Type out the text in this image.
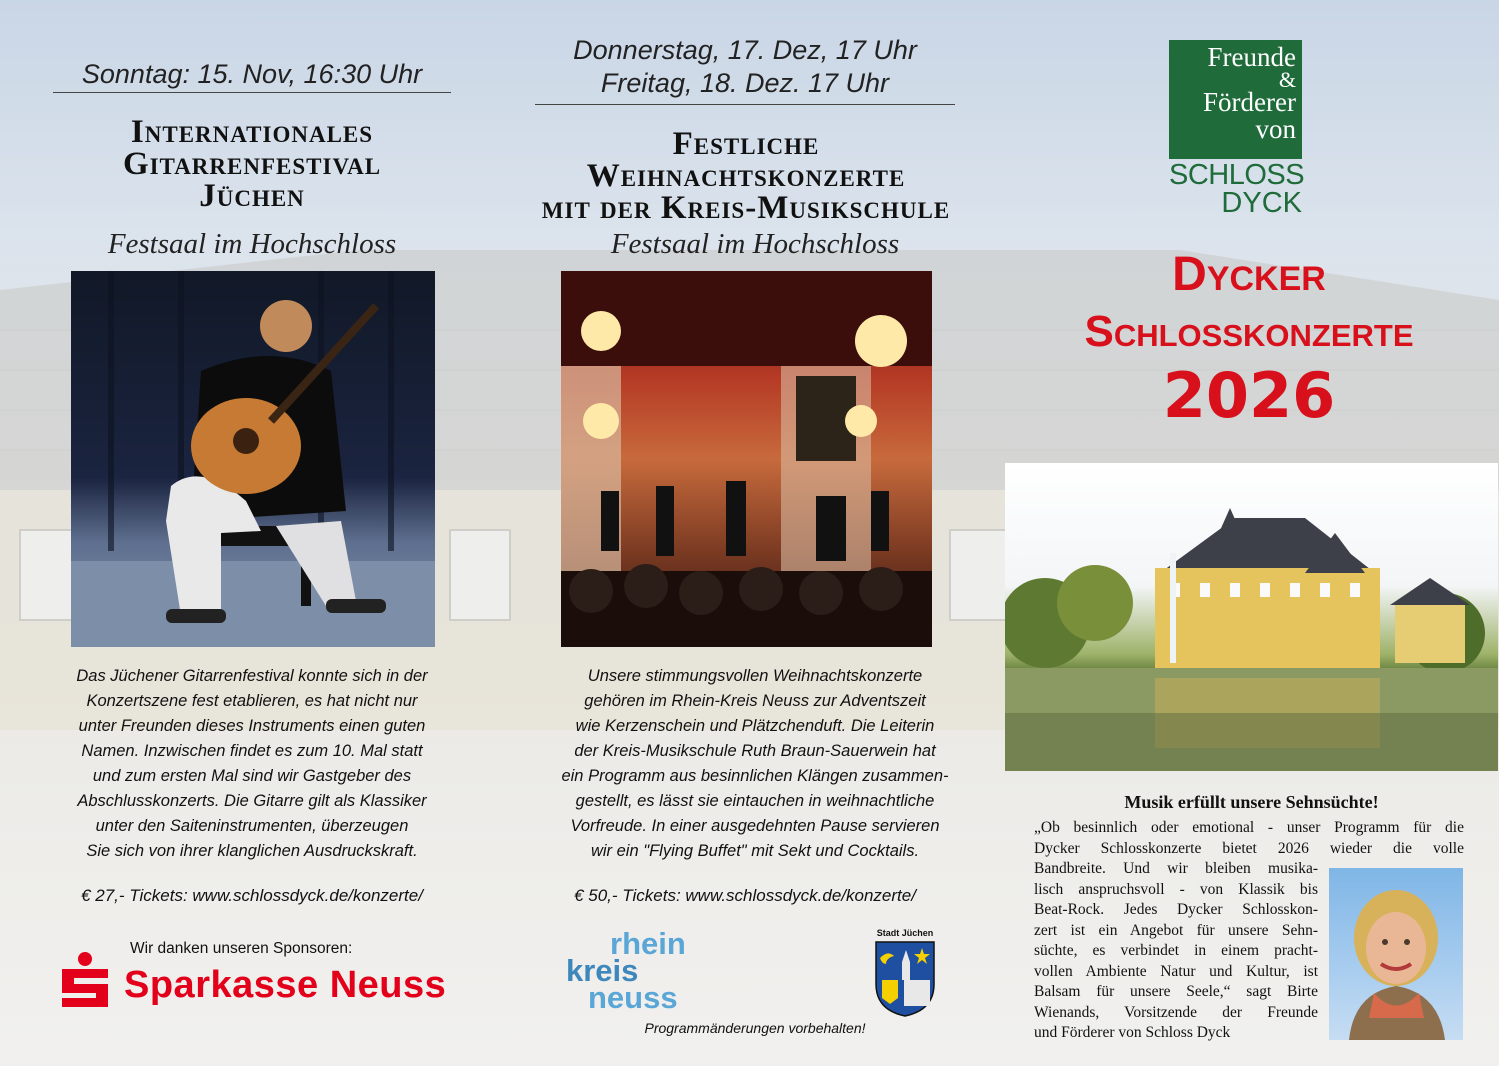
Sonntag: 15. Nov, 16:30 Uhr
Internationales
Gitarrenfestival
Jüchen
Festsaal im Hochschloss
Das Jüchener Gitarrenfestival konnte sich in der
Konzertszene fest etablieren, es hat nicht nur
unter Freunden dieses Instruments einen guten
Namen. Inzwischen findet es zum 10. Mal statt
und zum ersten Mal sind wir Gastgeber des
Abschlusskonzerts. Die Gitarre gilt als Klassiker
unter den Saiteninstrumenten, überzeugen
Sie sich von ihrer klanglichen Ausdruckskraft.
€ 27,- Tickets: www.schlossdyck.de/konzerte/
Wir danken unseren Sponsoren:
Sparkasse Neuss
Donnerstag, 17. Dez, 17 Uhr
Freitag, 18. Dez. 17 Uhr
Festliche
Weihnachtskonzerte
mit der Kreis-Musikschule
Festsaal im Hochschloss
Unsere stimmungsvollen Weihnachtskonzerte
gehören im Rhein-Kreis Neuss zur Adventszeit
wie Kerzenschein und Plätzchenduft. Die Leiterin
der Kreis-Musikschule Ruth Braun-Sauerwein hat
ein Programm aus besinnlichen Klängen zusammen-
gestellt, es lässt sie eintauchen in weihnachtliche
Vorfreude. In einer ausgedehnten Pause servieren
wir ein "Flying Buffet" mit Sekt und Cocktails.
€ 50,- Tickets: www.schlossdyck.de/konzerte/
rhein
kreis
neuss
Stadt Jüchen
Programmänderungen vorbehalten!
Freunde
&
Förderer
von
SCHLOSS
DYCK
Dycker
Schlosskonzerte
2026
Musik erfüllt unsere Sehnsüchte!
„Ob besinnlich oder emotional - unser Programm für die
Dycker Schlosskonzerte bietet 2026 wieder die volle
Bandbreite. Und wir bleiben musika-
lisch anspruchsvoll - von Klassik bis
Beat-Rock. Jedes Dycker Schlosskon-
zert ist ein Angebot für unsere Sehn-
süchte, es verbindet in einem pracht-
vollen Ambiente Natur und Kultur, ist
Balsam für unsere Seele,“ sagt Birte
Wienands, Vorsitzende der Freunde
und Förderer von Schloss Dyck
